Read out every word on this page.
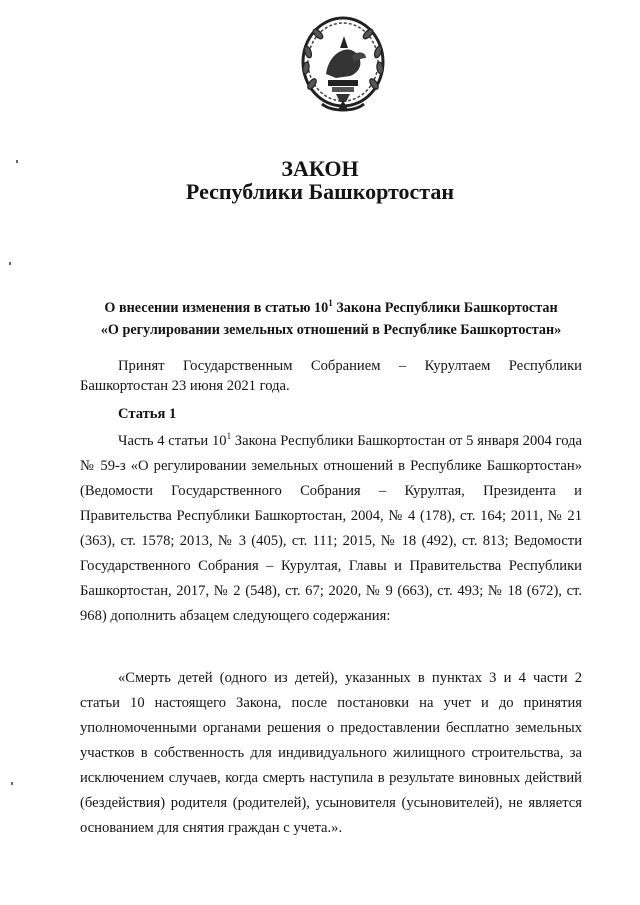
ЗАКОН
Республики Башкортостан

О внесении изменения в статью $10^1$ Закона Республики Башкортостан

«О регулировании земельных отношений в Республике Башкортостан»

Принят Государственным Собранием – Курултаем Республики Башкортостан 23 июня 2021 года.
Статья 1
Часть 4 статьи $10^1$ Закона Республики Башкортостан от 5 января 2004 года № 59-з «О регулировании земельных отношений в Республике Башкортостан» (Ведомости Государственного Собрания – Курултая, Президента и Правительства Республики Башкортостан, 2004, № 4 (178), ст. 164; 2011, № 21 (363), ст. 1578; 2013, № 3 (405), ст. 111; 2015, № 18 (492), ст. 813; Ведомости Государственного Собрания – Курултая, Главы и Правительства Республики Башкортостан, 2017, № 2 (548), ст. 67; 2020, № 9 (663), ст. 493; № 18 (672), ст. 968) дополнить абзацем следующего содержания:
«Смерть детей (одного из детей), указанных в пунктах 3 и 4 части 2 статьи 10 настоящего Закона, после постановки на учет и до принятия уполномоченными органами решения о предоставлении бесплатно земельных участков в собственность для индивидуального жилищного строительства, за исключением случаев, когда смерть наступила в результате виновных действий (бездействия) родителя (родителей), усыновителя (усыновителей), не является основанием для снятия граждан с учета.».
